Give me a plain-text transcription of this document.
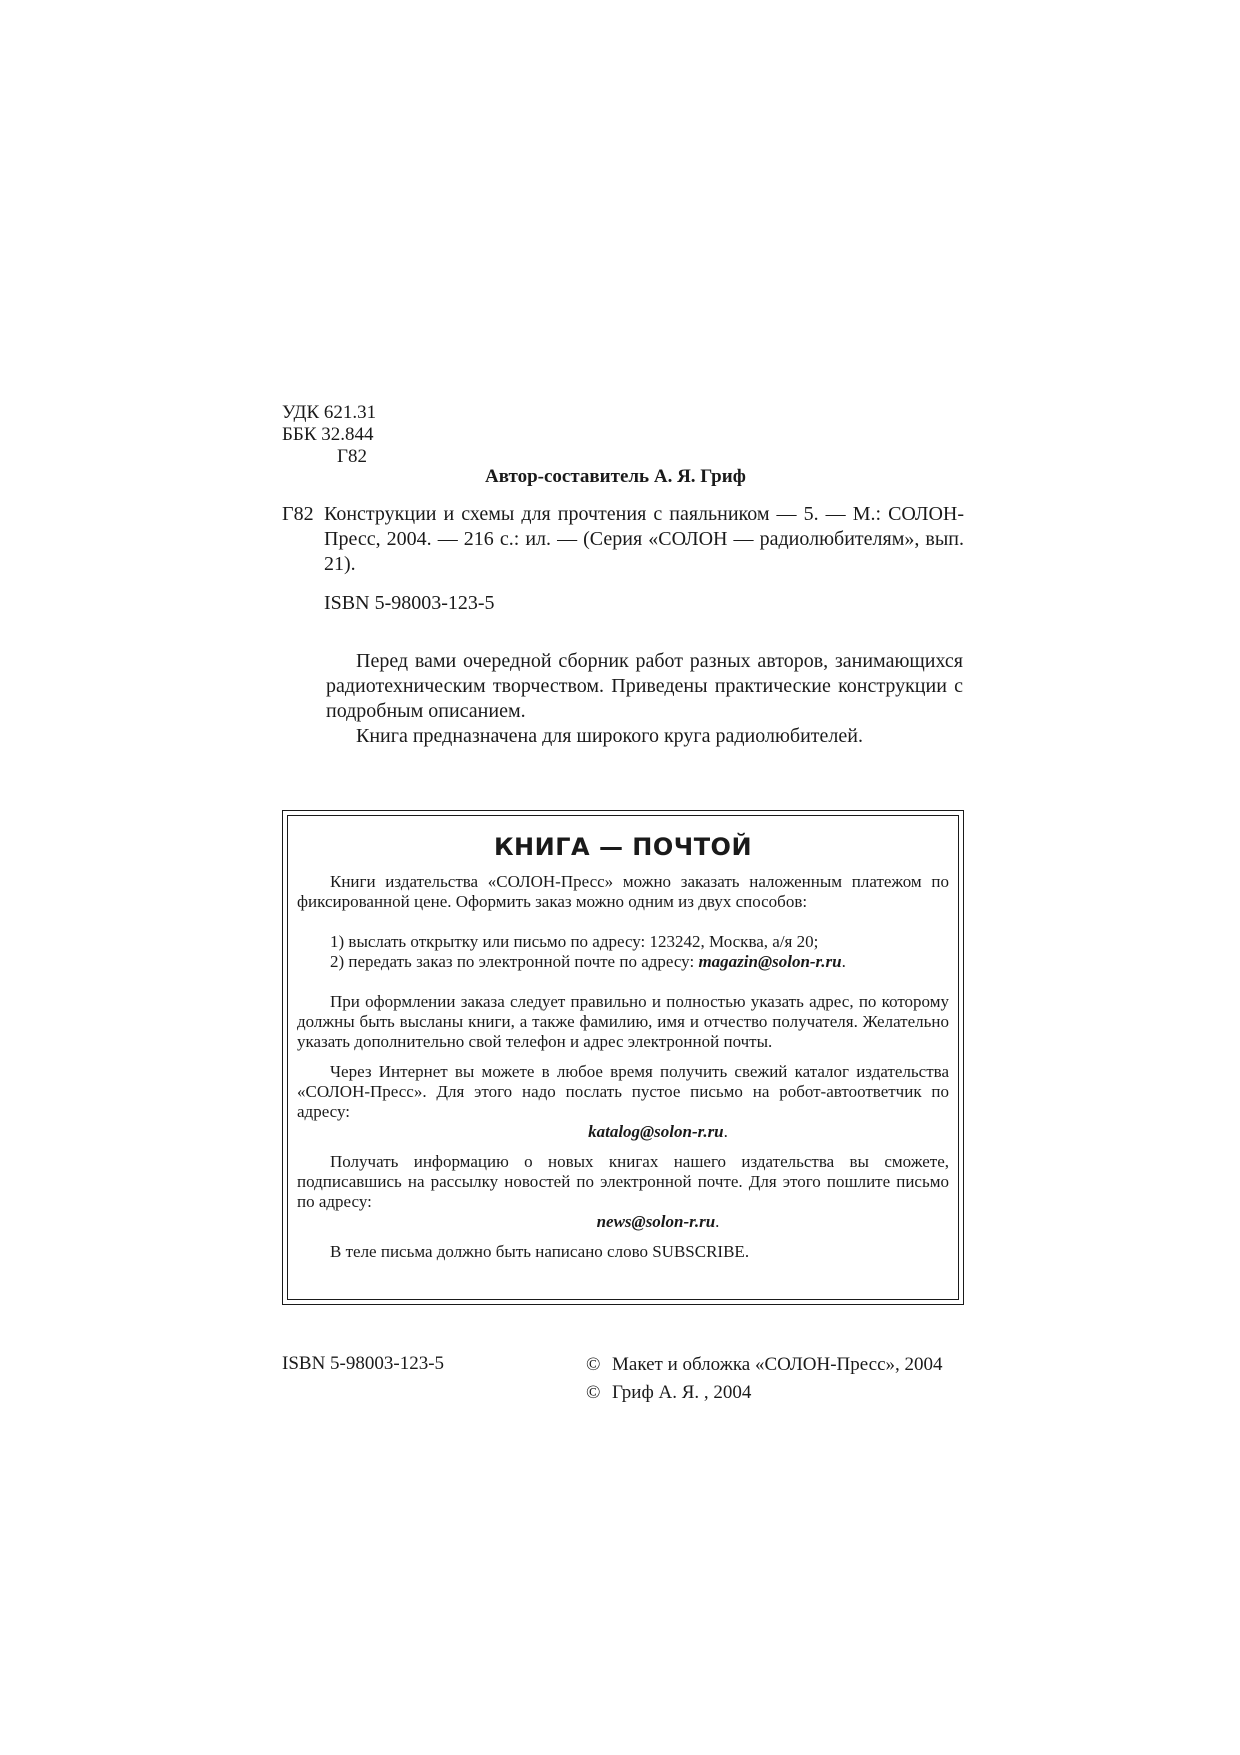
УДК 621.31
ББК 32.844
Г82
Автор-составитель А. Я. Гриф
Г82 Конструкции и схемы для прочтения с паяльником — 5. — М.: СОЛОН-Пресс, 2004. — 216 с.: ил. — (Серия «СОЛОН — радиолюбителям», вып. 21).
ISBN 5-98003-123-5

Перед вами очередной сборник работ разных авторов, занимающихся радиотехническим творчеством. Приведены практические конструкции с подробным описанием.

Книга предназначена для широкого круга радиолюбителей.

КНИГА — ПОЧТОЙ

Книги издательства «СОЛОН-Пресс» можно заказать наложенным платежом по фиксированной цене. Оформить заказ можно одним из двух способов:

1) выслать открытку или письмо по адресу: 123242, Москва, а/я 20;

2) передать заказ по электронной почте по адресу: magazin@solon-r.ru.

При оформлении заказа следует правильно и полностью указать адрес, по которому должны быть высланы книги, а также фамилию, имя и отчество получателя. Желательно указать дополнительно свой телефон и адрес электронной почты.

Через Интернет вы можете в любое время получить свежий каталог издательства «СОЛОН-Пресс». Для этого надо послать пустое письмо на робот-автоответчик по адресу:

katalog@solon-r.ru.

Получать информацию о новых книгах нашего издательства вы сможете, подписавшись на рассылку новостей по электронной почте. Для этого пошлите письмо по адресу:

news@solon-r.ru.

В теле письма должно быть написано слово SUBSCRIBE.

ISBN 5-98003-123-5	© Макет и обложка «СОЛОН-Пресс», 2004
© Гриф А. Я. , 2004
